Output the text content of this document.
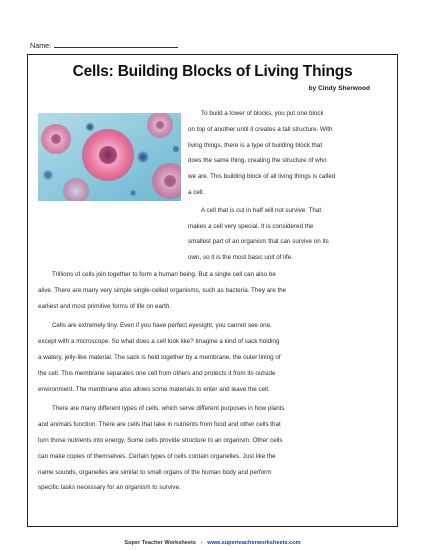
Name:
Cells: Building Blocks of Living Things
by Cindy Sherwood
To build a tower of blocks, you put one block
on top of another until it creates a tall structure. With
living things, there is a type of building block that
does the same thing, creating the structure of who
we are. This building block of all living things is called
a cell.
A cell that is cut in half will not survive. That
makes a cell very special. It is considered the
smallest part of an organism that can survive on its
own, so it is the most basic unit of life.
Trillions of cells join together to form a human being. But a single cell can also be
alive. There are many very simple single-celled organisms, such as bacteria. They are the
earliest and most primitive forms of life on earth.
Cells are extremely tiny. Even if you have perfect eyesight, you cannot see one,
except with a microscope. So what does a cell look like? Imagine a kind of sack holding
a watery, jelly-like material. The sack is held together by a membrane, the outer lining of
the cell. This membrane separates one cell from others and protects it from its outside
environment. The membrane also allows some materials to enter and leave the cell.
There are many different types of cells, which serve different purposes in how plants
and animals function. There are cells that take in nutrients from food and other cells that
turn those nutrients into energy. Some cells provide structure to an organism. Other cells
can make copies of themselves. Certain types of cells contain organelles. Just like the
name sounds, organelles are similar to small organs of the human body and perform
specific tasks necessary for an organism to survive.
Super Teacher Worksheets - www.superteacherworksheets.com
